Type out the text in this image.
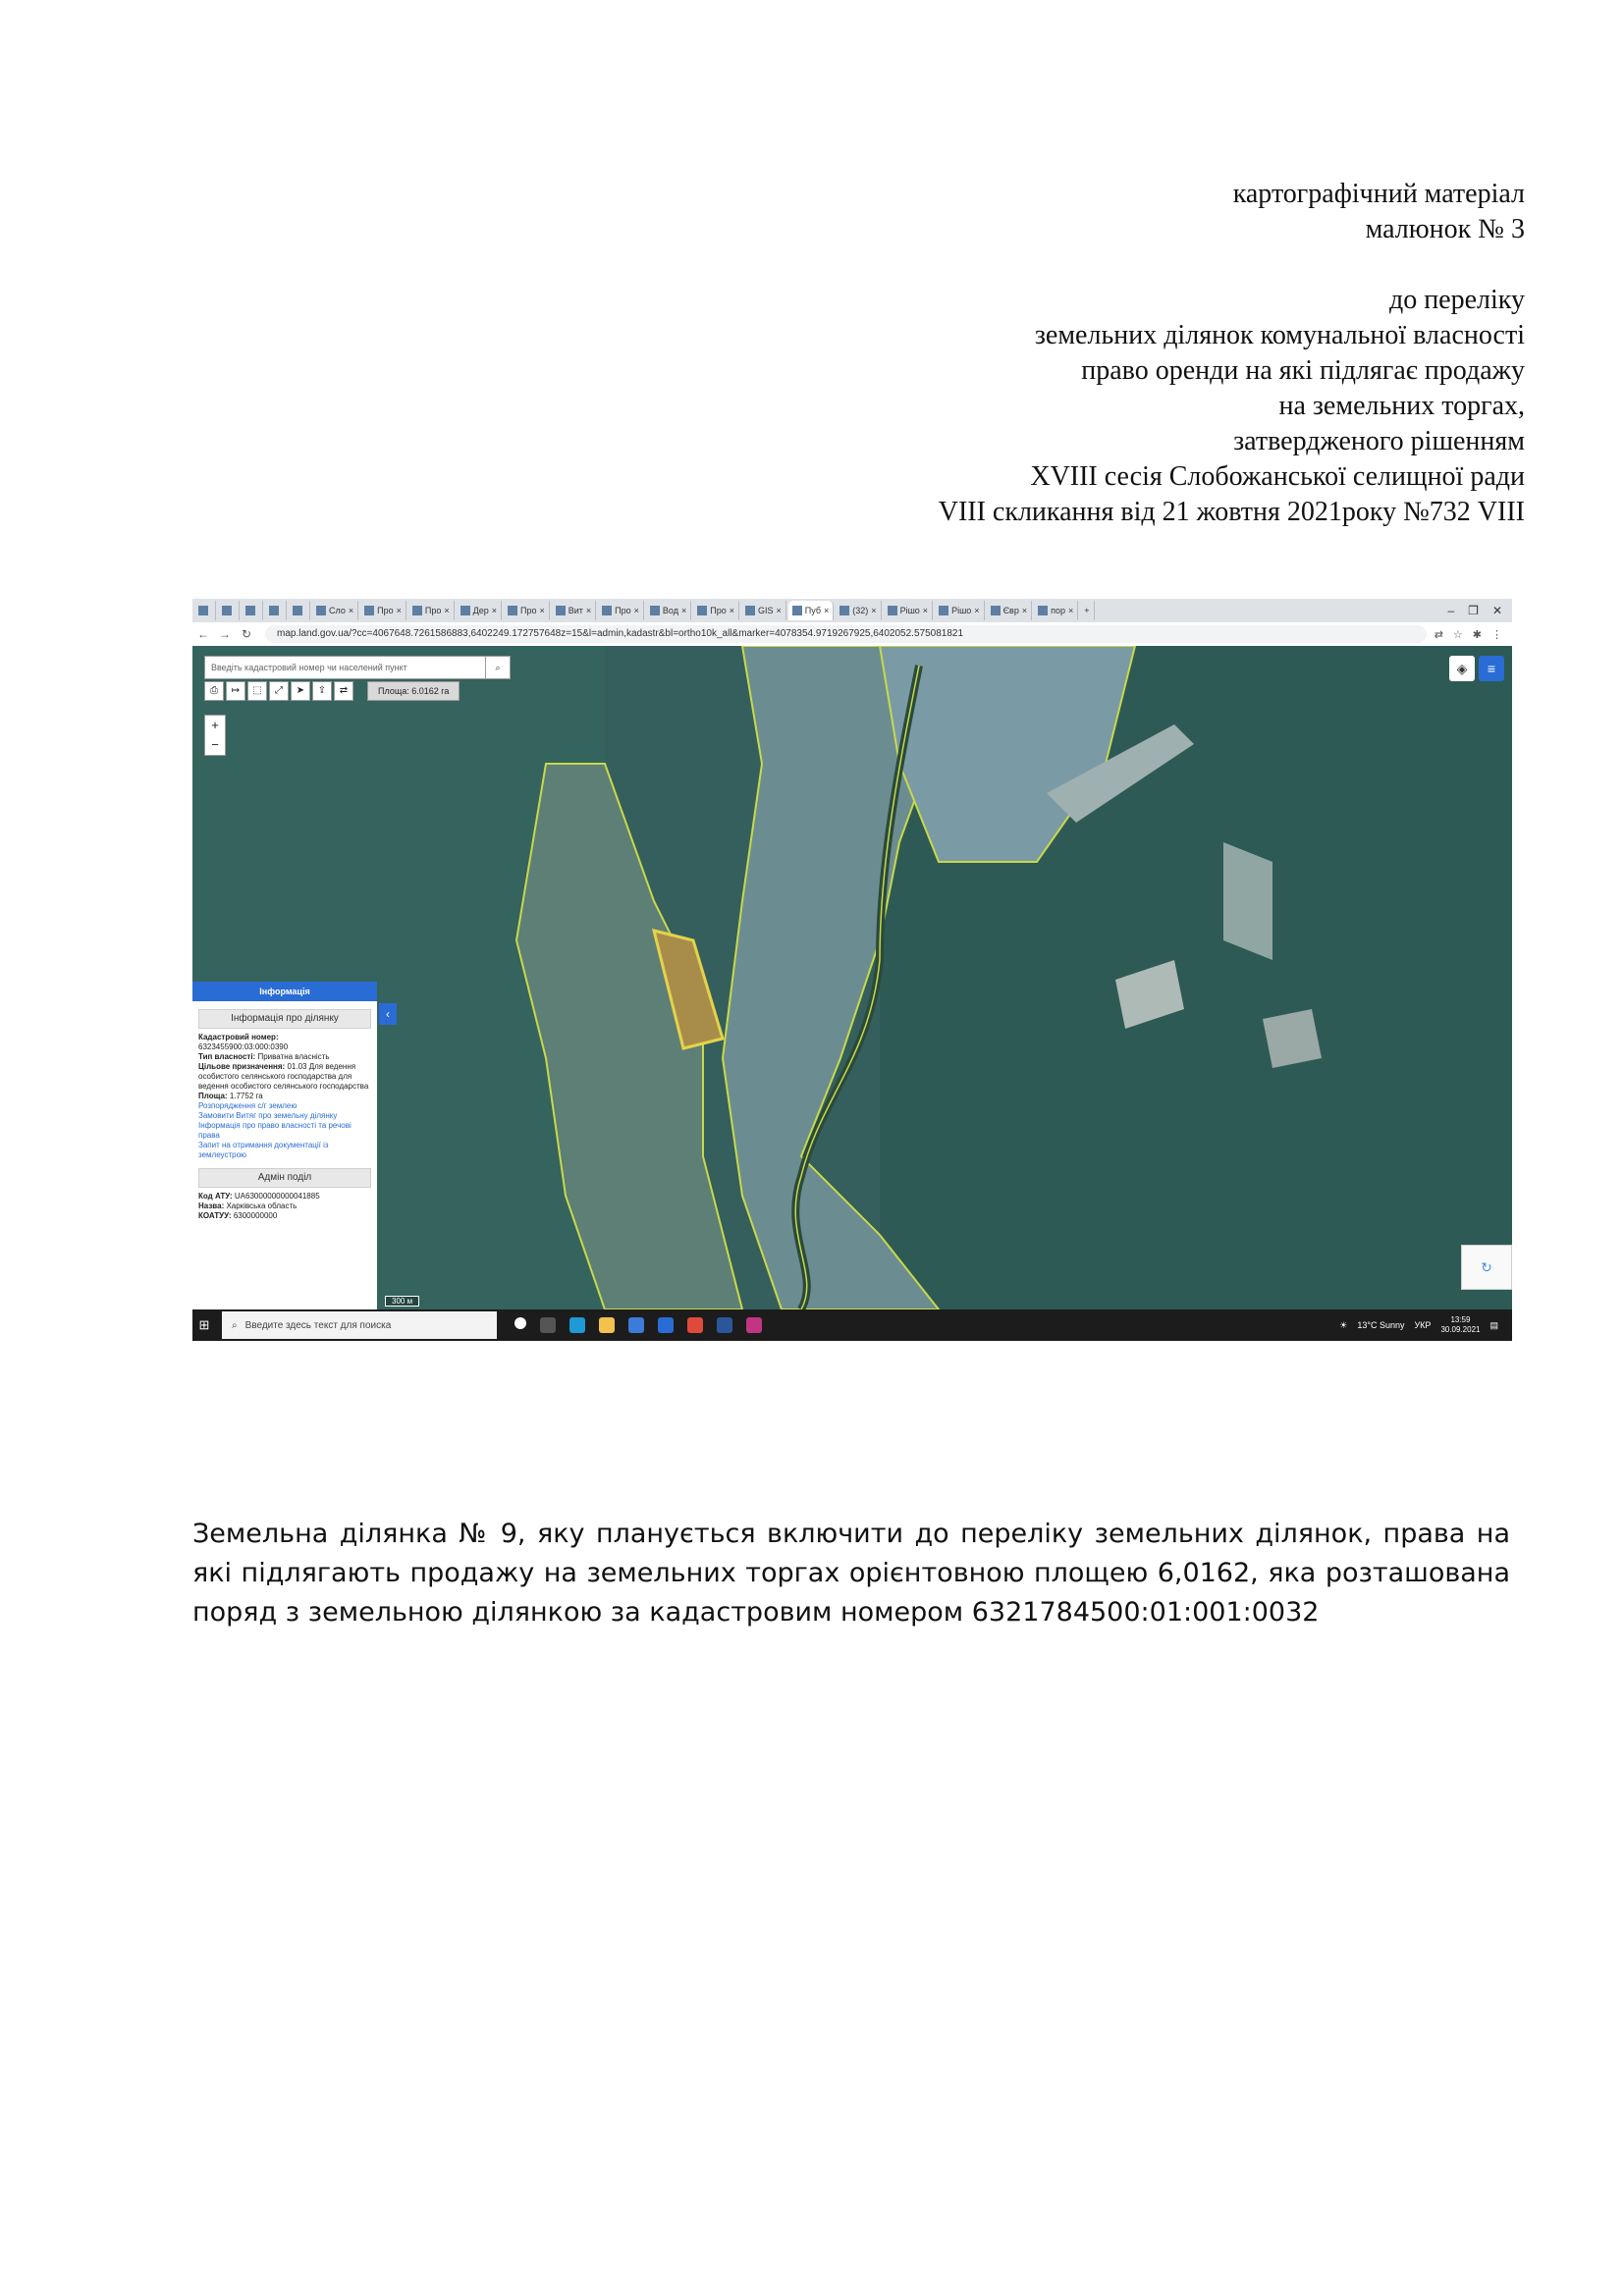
картографічний матеріал

малюнок № 3

до переліку

земельних ділянок комунальної власності

право оренди на які підлягає продажу

на земельних торгах,

затвердженого рішенням

XVIII сесія Слобожанської селищної ради

VIII скликання від 21 жовтня 2021року №732 VIII

Сло ×	Про ×	Про ×	Дер ×	Про ×	Вит ×	Про ×	Вод ×	Про ×	GIS ×	Пуб ×	(32) ×	Рішо ×	Рішо ×	Євр ×	пор ×	+	– ❐ ✕
← → ↻	map.land.gov.ua/?cc=4067648.7261586883,6402249.172757648z=15&l=admin,kadastr&bl=ortho10k_all&marker=4078354.9719267925,6402052.575081821	⇄ ☆ ✱ ⋮
Введіть кадастровий номер чи населений пункт	⌕
⎙	↦	⬚	⤢	➤	⇪	⇄	Площа: 6.0162 га
+
−
◈	≡
Інформація
Інформація про ділянку
Кадастровий номер:
6323455900:03:000:0390
Тип власності: Приватна власність
Цільове призначення: 01.03 Для ведення особистого селянського господарства для ведення особистого селянського господарства
Площа: 1.7752 га
Розпорядження с/г землею
Замовити Витяг про земельну ділянку
Інформація про право власності та речові права
Запит на отримання документації із землеустрою
Адмін поділ
Код АТУ: UA63000000000041885
Назва: Харківська область
КОАТУУ: 6300000000
‹
300 м
↻
⊞	⌕ Введите здесь текст для поиска	☀ 13°C Sunny УКР
13:59
30.09.2021 ▤

Земельна ділянка № 9, яку планується включити до переліку земельних ділянок, права на які підлягають продажу на земельних торгах орієнтовною площею 6,0162, яка розташована поряд з земельною ділянкою за кадастровим номером 6321784500:01:001:0032
